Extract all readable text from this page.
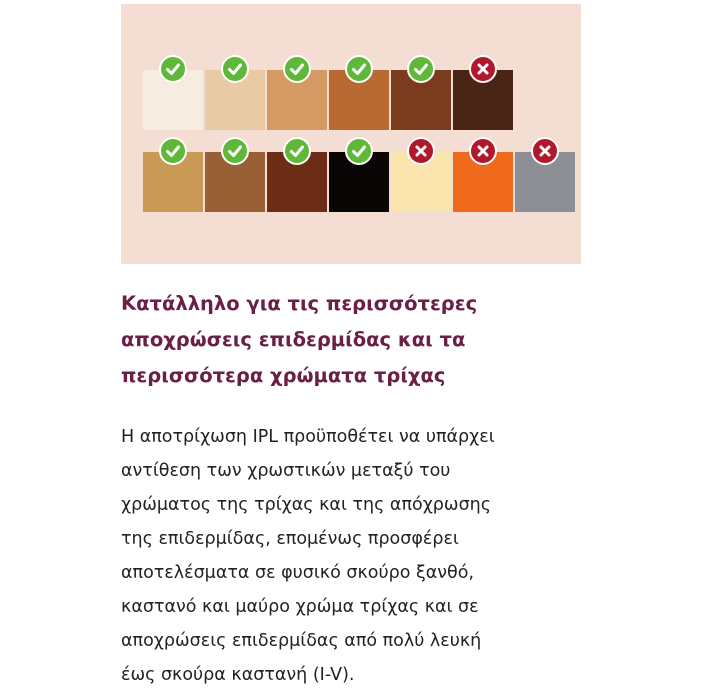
Κατάλληλο για τις περισσότερες
αποχρώσεις επιδερμίδας και τα
περισσότερα χρώματα τρίχας

Η αποτρίχωση IPL προϋποθέτει να υπάρχει
αντίθεση των χρωστικών μεταξύ του
χρώματος της τρίχας και της απόχρωσης
της επιδερμίδας, επομένως προσφέρει
αποτελέσματα σε φυσικό σκούρο ξανθό,
καστανό και μαύρο χρώμα τρίχας και σε
αποχρώσεις επιδερμίδας από πολύ λευκή
έως σκούρα καστανή (I-V).
